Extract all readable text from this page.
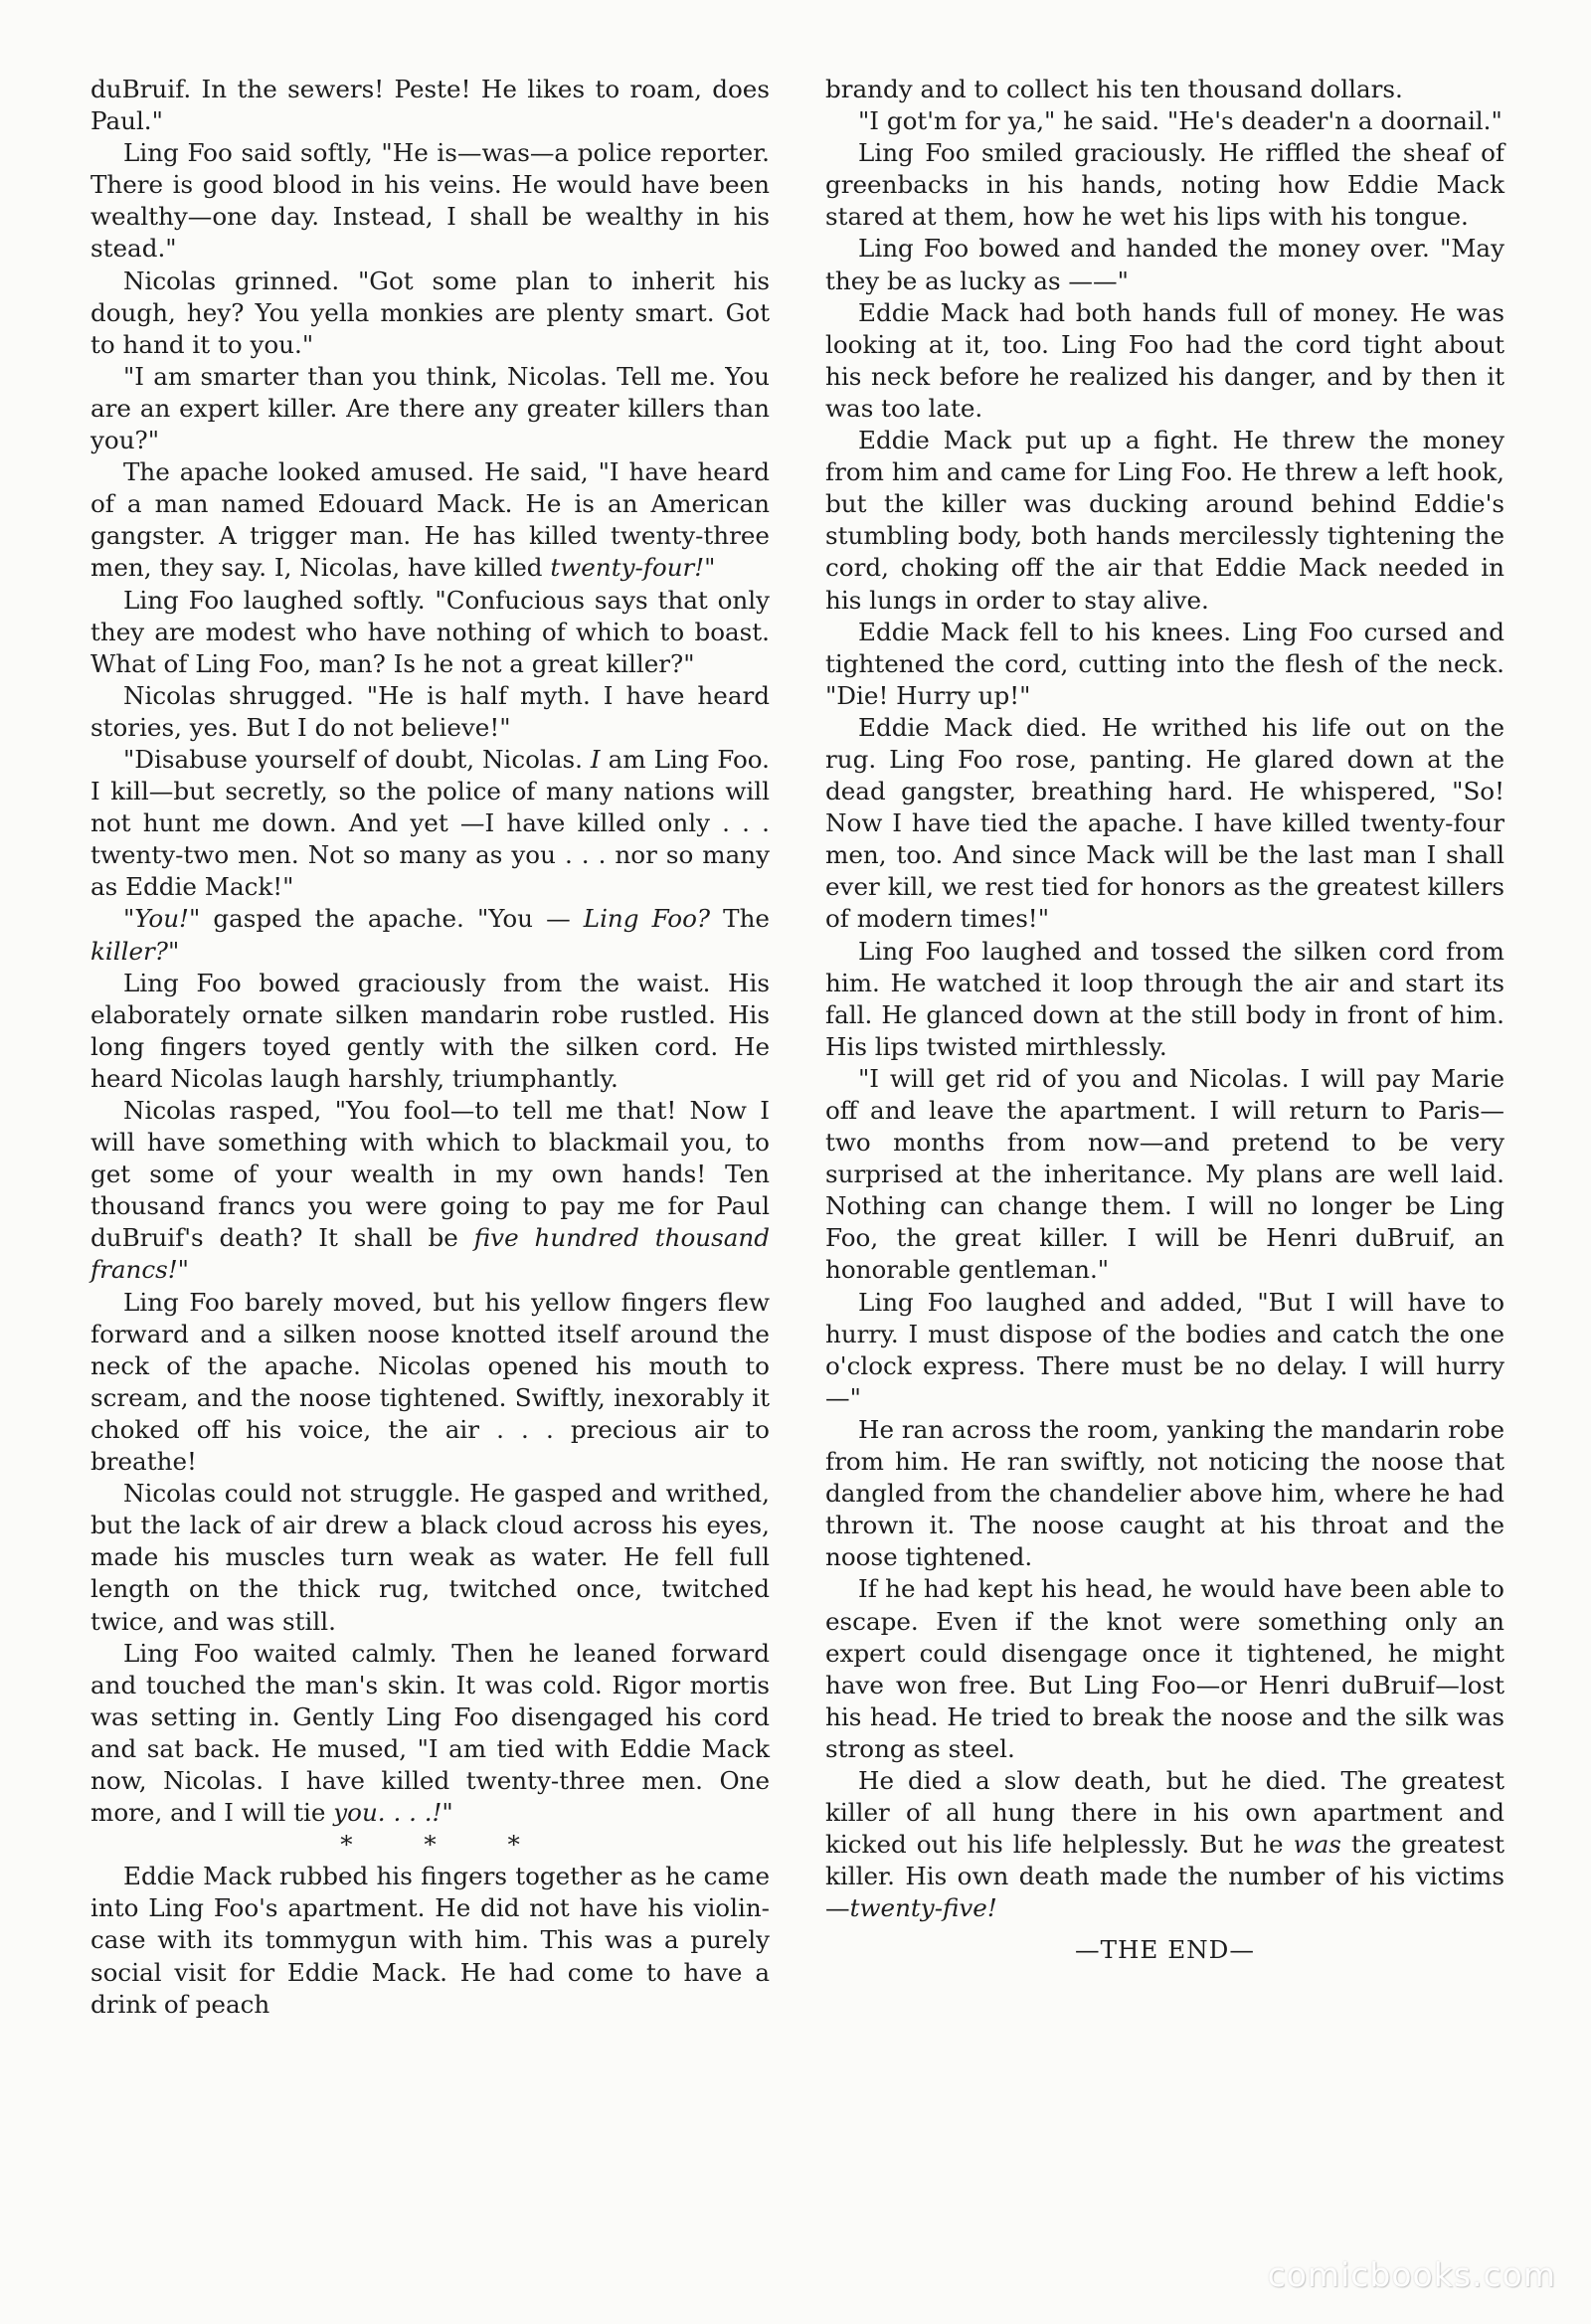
duBruif. In the sewers! Peste! He likes to roam, does Paul."

Ling Foo said softly, "He is—was—a police reporter. There is good blood in his veins. He would have been wealthy—one day. Instead, I shall be wealthy in his stead."

Nicolas grinned. "Got some plan to inherit his dough, hey? You yella monkies are plenty smart. Got to hand it to you."

"I am smarter than you think, Nicolas. Tell me. You are an expert killer. Are there any greater killers than you?"

The apache looked amused. He said, "I have heard of a man named Edouard Mack. He is an American gangster. A trigger man. He has killed twenty-three men, they say. I, Nicolas, have killed twenty-four!"

Ling Foo laughed softly. "Confucious says that only they are modest who have nothing of which to boast. What of Ling Foo, man? Is he not a great killer?"

Nicolas shrugged. "He is half myth. I have heard stories, yes. But I do not believe!"

"Disabuse yourself of doubt, Nicolas. I am Ling Foo. I kill—but secretly, so the police of many nations will not hunt me down. And yet —I have killed only . . . twenty-two men. Not so many as you . . . nor so many as Eddie Mack!"

"You!" gasped the apache. "You — Ling Foo? The killer?"

Ling Foo bowed graciously from the waist. His elaborately ornate silken mandarin robe rustled. His long fingers toyed gently with the silken cord. He heard Nicolas laugh harshly, triumphantly.

Nicolas rasped, "You fool—to tell me that! Now I will have something with which to blackmail you, to get some of your wealth in my own hands! Ten thousand francs you were going to pay me for Paul duBruif's death? It shall be five hundred thousand francs!"

Ling Foo barely moved, but his yellow fingers flew forward and a silken noose knotted itself around the neck of the apache. Nicolas opened his mouth to scream, and the noose tightened. Swiftly, inexorably it choked off his voice, the air . . . precious air to breathe!

Nicolas could not struggle. He gasped and writhed, but the lack of air drew a black cloud across his eyes, made his muscles turn weak as water. He fell full length on the thick rug, twitched once, twitched twice, and was still.

Ling Foo waited calmly. Then he leaned forward and touched the man's skin. It was cold. Rigor mortis was setting in. Gently Ling Foo disengaged his cord and sat back. He mused, "I am tied with Eddie Mack now, Nicolas. I have killed twenty-three men. One more, and I will tie you. . . .!"

* * *

Eddie Mack rubbed his fingers together as he came into Ling Foo's apartment. He did not have his violin-case with its tommygun with him. This was a purely social visit for Eddie Mack. He had come to have a drink of peach

brandy and to collect his ten thousand dollars.

"I got'm for ya," he said. "He's deader'n a doornail."

Ling Foo smiled graciously. He riffled the sheaf of greenbacks in his hands, noting how Eddie Mack stared at them, how he wet his lips with his tongue.

Ling Foo bowed and handed the money over. "May they be as lucky as ——"

Eddie Mack had both hands full of money. He was looking at it, too. Ling Foo had the cord tight about his neck before he realized his danger, and by then it was too late.

Eddie Mack put up a fight. He threw the money from him and came for Ling Foo. He threw a left hook, but the killer was ducking around behind Eddie's stumbling body, both hands mercilessly tightening the cord, choking off the air that Eddie Mack needed in his lungs in order to stay alive.

Eddie Mack fell to his knees. Ling Foo cursed and tightened the cord, cutting into the flesh of the neck. "Die! Hurry up!"

Eddie Mack died. He writhed his life out on the rug. Ling Foo rose, panting. He glared down at the dead gangster, breathing hard. He whispered, "So! Now I have tied the apache. I have killed twenty-four men, too. And since Mack will be the last man I shall ever kill, we rest tied for honors as the greatest killers of modern times!"

Ling Foo laughed and tossed the silken cord from him. He watched it loop through the air and start its fall. He glanced down at the still body in front of him. His lips twisted mirthlessly.

"I will get rid of you and Nicolas. I will pay Marie off and leave the apartment. I will return to Paris—two months from now—and pretend to be very surprised at the inheritance. My plans are well laid. Nothing can change them. I will no longer be Ling Foo, the great killer. I will be Henri duBruif, an honorable gentleman."

Ling Foo laughed and added, "But I will have to hurry. I must dispose of the bodies and catch the one o'clock express. There must be no delay. I will hurry —"

He ran across the room, yanking the mandarin robe from him. He ran swiftly, not noticing the noose that dangled from the chandelier above him, where he had thrown it. The noose caught at his throat and the noose tightened.

If he had kept his head, he would have been able to escape. Even if the knot were something only an expert could disengage once it tightened, he might have won free. But Ling Foo—or Henri duBruif—lost his head. He tried to break the noose and the silk was strong as steel.

He died a slow death, but he died. The greatest killer of all hung there in his own apartment and kicked out his life helplessly. But he was the greatest killer. His own death made the number of his victims—twenty-five!

—THE END—

comicbooks.com
